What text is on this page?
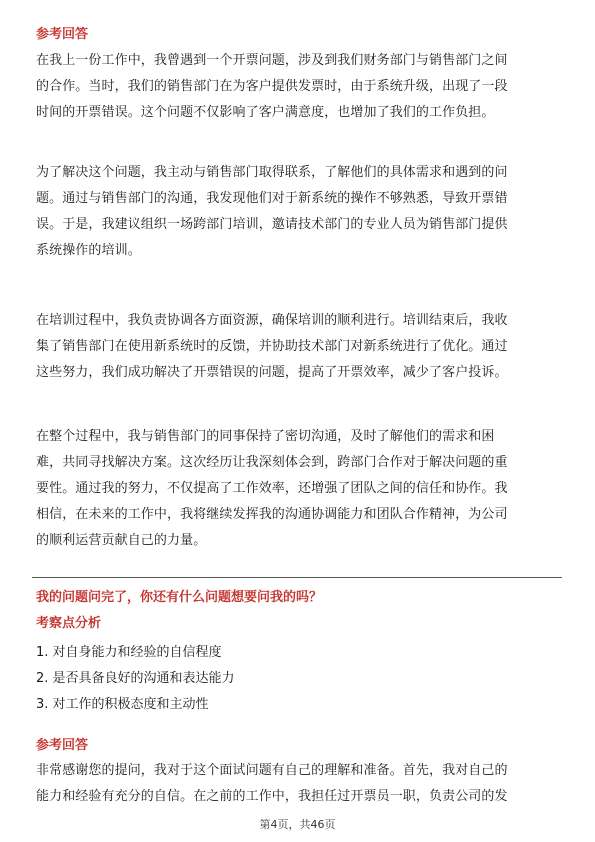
参考回答

在我上一份工作中，我曾遇到一个开票问题，涉及到我们财务部门与销售部门之间
的合作。当时，我们的销售部门在为客户提供发票时，由于系统升级，出现了一段
时间的开票错误。这个问题不仅影响了客户满意度，也增加了我们的工作负担。

为了解决这个问题，我主动与销售部门取得联系，了解他们的具体需求和遇到的问
题。通过与销售部门的沟通，我发现他们对于新系统的操作不够熟悉，导致开票错
误。于是，我建议组织一场跨部门培训，邀请技术部门的专业人员为销售部门提供
系统操作的培训。

在培训过程中，我负责协调各方面资源，确保培训的顺利进行。培训结束后，我收
集了销售部门在使用新系统时的反馈，并协助技术部门对新系统进行了优化。通过
这些努力，我们成功解决了开票错误的问题，提高了开票效率，减少了客户投诉。

在整个过程中，我与销售部门的同事保持了密切沟通，及时了解他们的需求和困
难，共同寻找解决方案。这次经历让我深刻体会到，跨部门合作对于解决问题的重
要性。通过我的努力，不仅提高了工作效率，还增强了团队之间的信任和协作。我
相信，在未来的工作中，我将继续发挥我的沟通协调能力和团队合作精神，为公司
的顺利运营贡献自己的力量。

我的问题问完了，你还有什么问题想要问我的吗？
考察点分析
1. 对自身能力和经验的自信程度
2. 是否具备良好的沟通和表达能力
3. 对工作的积极态度和主动性
参考回答

非常感谢您的提问，我对于这个面试问题有自己的理解和准备。首先，我对自己的
能力和经验有充分的自信。在之前的工作中，我担任过开票员一职，负责公司的发

第4页，共46页
